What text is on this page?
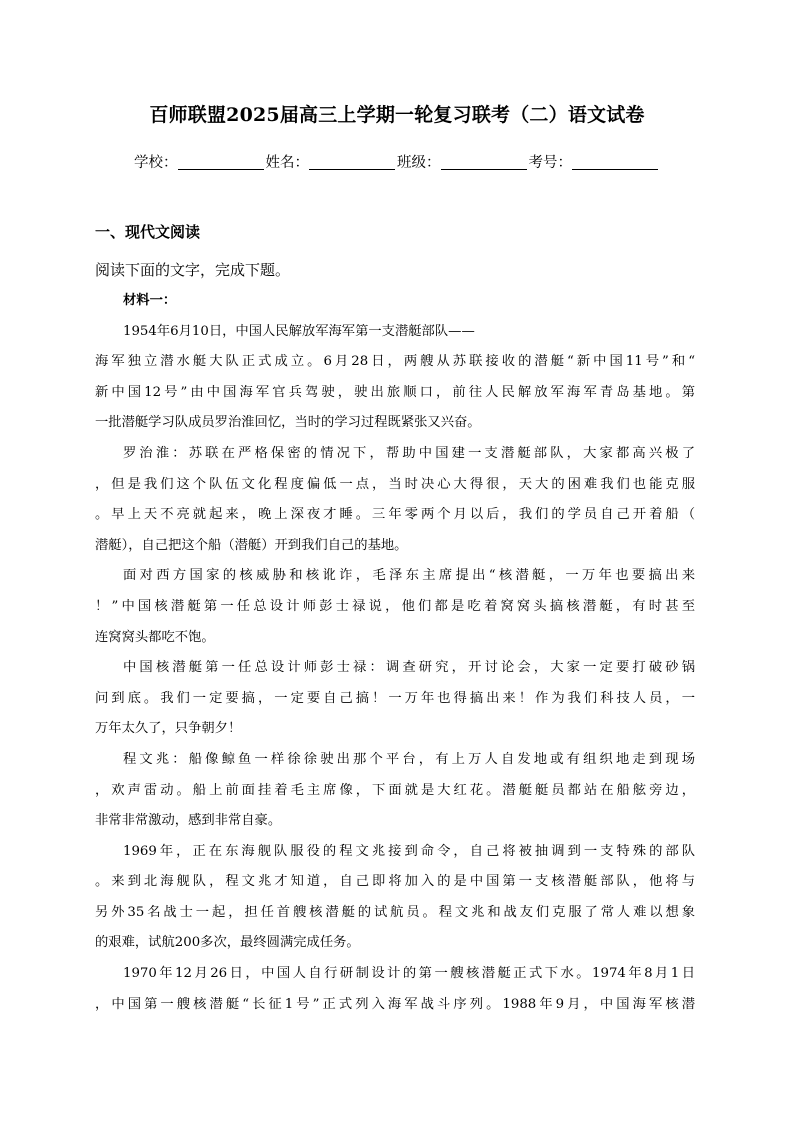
百师联盟2025届高三上学期一轮复习联考（二）语文试卷
学校：	姓名：	班级：	考号：
一、现代文阅读
阅读下面的文字，完成下题。
材料一：
1954年6月10日，中国人民解放军海军第一支潜艇部队——
海军独立潜水艇大队正式成立。6月28日，两艘从苏联接收的潜艇“新中国11号”和“
新中国12号”由中国海军官兵驾驶，驶出旅顺口，前往人民解放军海军青岛基地。第
一批潜艇学习队成员罗治淮回忆，当时的学习过程既紧张又兴奋。
罗治淮：苏联在严格保密的情况下，帮助中国建一支潜艇部队，大家都高兴极了
，但是我们这个队伍文化程度偏低一点，当时决心大得很，天大的困难我们也能克服
。早上天不亮就起来，晚上深夜才睡。三年零两个月以后，我们的学员自己开着船（
潜艇），自己把这个船（潜艇）开到我们自己的基地。
面对西方国家的核威胁和核讹诈，毛泽东主席提出“核潜艇，一万年也要搞出来
！”中国核潜艇第一任总设计师彭士禄说，他们都是吃着窝窝头搞核潜艇，有时甚至
连窝窝头都吃不饱。
中国核潜艇第一任总设计师彭士禄：调查研究，开讨论会，大家一定要打破砂锅
问到底。我们一定要搞，一定要自己搞！一万年也得搞出来！作为我们科技人员，一
万年太久了，只争朝夕！
程文兆：船像鲸鱼一样徐徐驶出那个平台，有上万人自发地或有组织地走到现场
，欢声雷动。船上前面挂着毛主席像，下面就是大红花。潜艇艇员都站在船舷旁边，
非常非常激动，感到非常自豪。
1969年，正在东海舰队服役的程文兆接到命令，自己将被抽调到一支特殊的部队
。来到北海舰队，程文兆才知道，自己即将加入的是中国第一支核潜艇部队，他将与
另外35名战士一起，担任首艘核潜艇的试航员。程文兆和战友们克服了常人难以想象
的艰难，试航200多次，最终圆满完成任务。
1970年12月26日，中国人自行研制设计的第一艘核潜艇正式下水。1974年8月1日
，中国第一艘核潜艇“长征1号”正式列入海军战斗序列。1988年9月，中国海军核潜
